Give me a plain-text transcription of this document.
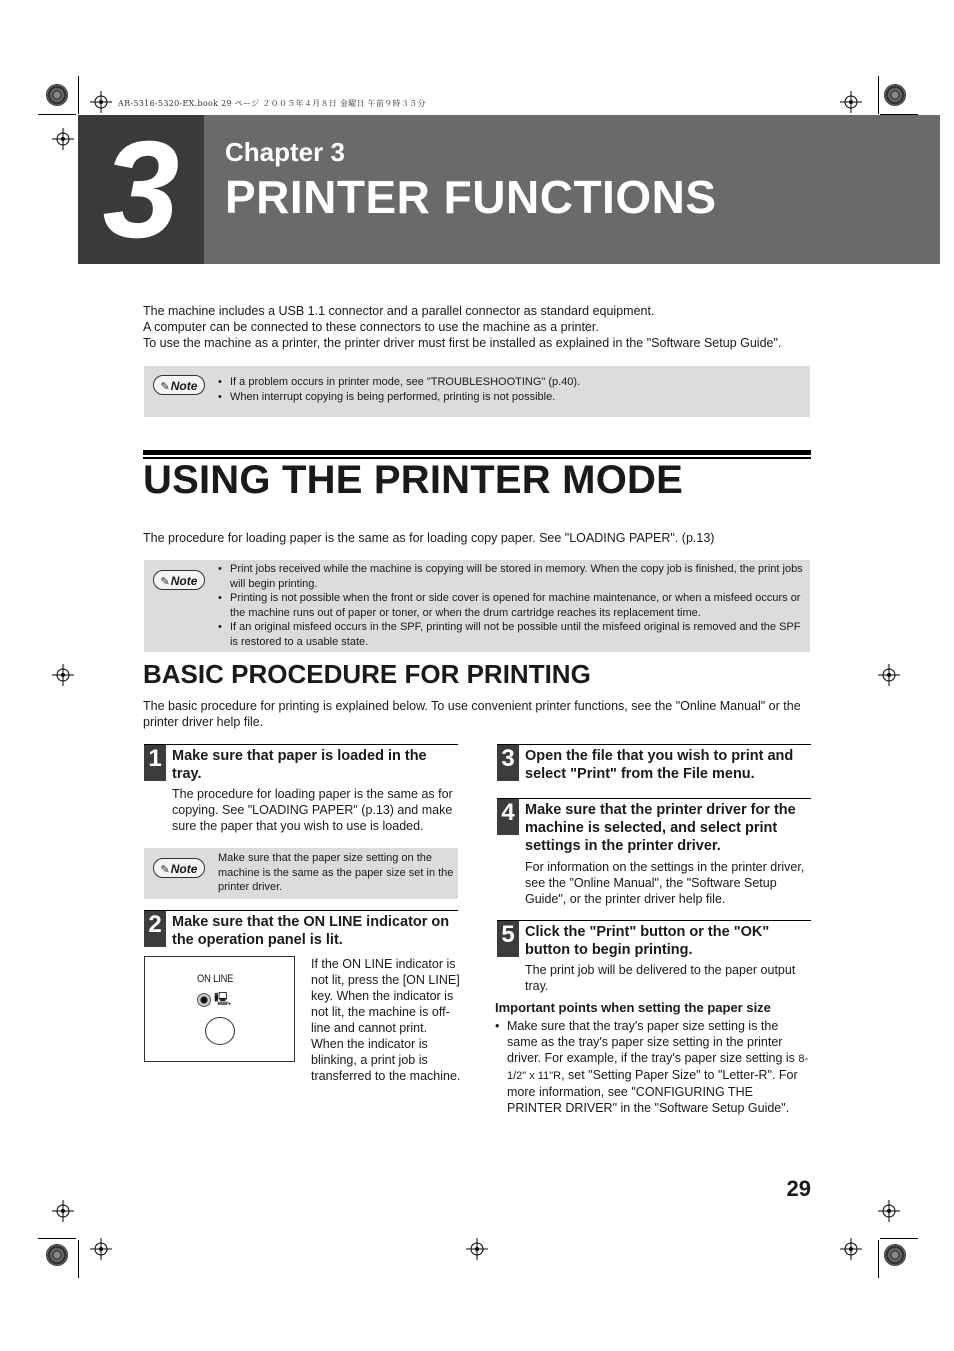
AR-5316-5320-EX.book 29 ページ ２００５年４月８日 金曜日 午前９時３５分
3	Chapter 3
PRINTER FUNCTIONS

The machine includes a USB 1.1 connector and a parallel connector as standard equipment.

A computer can be connected to these connectors to use the machine as a printer.

To use the machine as a printer, the printer driver must first be installed as explained in the "Software Setup Guide".

✎Note
•	If a problem occurs in printer mode, see "TROUBLESHOOTING" (p.40).
• When interrupt copying is being performed, printing is not possible.
USING THE PRINTER MODE

The procedure for loading paper is the same as for loading copy paper. See "LOADING PAPER". (p.13)

✎Note
• Print jobs received while the machine is copying will be stored in memory. When the copy job is finished, the print jobs will begin printing.
• Printing is not possible when the front or side cover is opened for machine maintenance, or when a misfeed occurs or the machine runs out of paper or toner, or when the drum cartridge reaches its replacement time.
• If an original misfeed occurs in the SPF, printing will not be possible until the misfeed original is removed and the SPF is restored to a usable state.
BASIC PROCEDURE FOR PRINTING

The basic procedure for printing is explained below. To use convenient printer functions, see the "Online Manual" or the printer driver help file.

1 Make sure that paper is loaded in the tray.

The procedure for loading paper is the same as for copying. See "LOADING PAPER" (p.13) and make sure the paper that you wish to use is loaded.

✎Note

Make sure that the paper size setting on the machine is the same as the paper size set in the printer driver.

2 Make sure that the ON LINE indicator on the operation panel is lit.
ON LINE
🖳

If the ON LINE indicator is not lit, press the [ON LINE] key. When the indicator is not lit, the machine is off-line and cannot print. When the indicator is blinking, a print job is transferred to the machine.

3 Open the file that you wish to print and select "Print" from the File menu.
4 Make sure that the printer driver for the machine is selected, and select print settings in the printer driver.

For information on the settings in the printer driver, see the "Online Manual", the "Software Setup Guide", or the printer driver help file.

5 Click the "Print" button or the "OK" button to begin printing.

The print job will be delivered to the paper output tray.

Important points when setting the paper size
• Make sure that the tray's paper size setting is the same as the tray's paper size setting in the printer driver. For example, if the tray's paper size setting is 8-1/2" x 11"R, set "Setting Paper Size" to "Letter-R". For more information, see "CONFIGURING THE PRINTER DRIVER" in the "Software Setup Guide".
29
